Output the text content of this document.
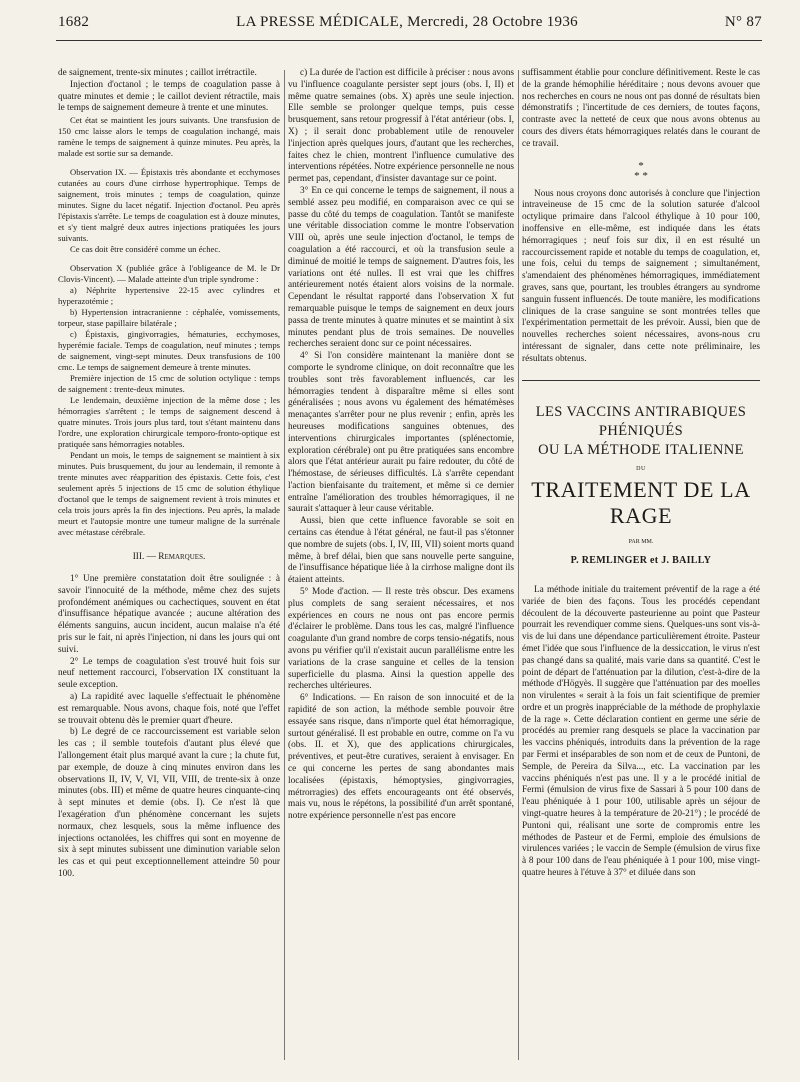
1682	LA PRESSE MÉDICALE, Mercredi, 28 Octobre 1936	N° 87

de saignement, trente-six minutes ; caillot irrétractile.

Injection d'octanol ; le temps de coagulation passe à quatre minutes et demie ; le caillot devient rétractile, mais le temps de saignement demeure à trente et une minutes.

Cet état se maintient les jours suivants. Une transfusion de 150 cmc laisse alors le temps de coagulation inchangé, mais ramène le temps de saignement à quinze minutes. Peu après, la malade est sortie sur sa demande.

Observation IX. — Épistaxis très abondante et ecchymoses cutanées au cours d'une cirrhose hypertrophique. Temps de saignement, trois minutes ; temps de coagulation, quinze minutes. Signe du lacet négatif. Injection d'octanol. Peu après l'épistaxis s'arrête. Le temps de coagulation est à douze minutes, et s'y tient malgré deux autres injections pratiquées les jours suivants.

Ce cas doit être considéré comme un échec.

Observation X (publiée grâce à l'obligeance de M. le Dr Clovis-Vincent). — Malade atteinte d'un triple syndrome :

a) Néphrite hypertensive 22-15 avec cylindres et hyperazotémie ;

b) Hypertension intracranienne : céphalée, vomissements, torpeur, stase papillaire bilatérale ;

c) Épistaxis, gingivorragies, hématuries, ecchymoses, hyperémie faciale. Temps de coagulation, neuf minutes ; temps de saignement, vingt-sept minutes. Deux transfusions de 100 cmc. Le temps de saignement demeure à trente minutes.

Première injection de 15 cmc de solution octylique : temps de saignement : trente-deux minutes.

Le lendemain, deuxième injection de la même dose ; les hémorragies s'arrêtent ; le temps de saignement descend à quatre minutes. Trois jours plus tard, tout s'étant maintenu dans l'ordre, une exploration chirurgicale temporo-fronto-optique est pratiquée sans hémorragies notables.

Pendant un mois, le temps de saignement se maintient à six minutes. Puis brusquement, du jour au lendemain, il remonte à trente minutes avec réapparition des épistaxis. Cette fois, c'est seulement après 5 injections de 15 cmc de solution éthylique d'octanol que le temps de saignement revient à trois minutes et cela trois jours après la fin des injections. Peu après, la malade meurt et l'autopsie montre une tumeur maligne de la surrénale avec métastase cérébrale.

III. — Remarques.

1° Une première constatation doit être soulignée : à savoir l'innocuité de la méthode, même chez des sujets profondément anémiques ou cachectiques, souvent en état d'insuffisance hépatique avancée ; aucune altération des éléments sanguins, aucun incident, aucun malaise n'a été pris sur le fait, ni après l'injection, ni dans les jours qui ont suivi.

2° Le temps de coagulation s'est trouvé huit fois sur neuf nettement raccourci, l'observation IX constituant la seule exception.

a) La rapidité avec laquelle s'effectuait le phénomène est remarquable. Nous avons, chaque fois, noté que l'effet se trouvait obtenu dès le premier quart d'heure.

b) Le degré de ce raccourcissement est variable selon les cas ; il semble toutefois d'autant plus élevé que l'allongement était plus marqué avant la cure ; la chute fut, par exemple, de douze à cinq minutes environ dans les observations II, IV, V, VI, VII, VIII, de trente-six à onze minutes (obs. III) et même de quatre heures cinquante-cinq à sept minutes et demie (obs. I). Ce n'est là que l'exagération d'un phénomène concernant les sujets normaux, chez lesquels, sous la même influence des injections octanolées, les chiffres qui sont en moyenne de six à sept minutes subissent une diminution variable selon les cas et qui peut exceptionnellement atteindre 50 pour 100.

c) La durée de l'action est difficile à préciser : nous avons vu l'influence coagulante persister sept jours (obs. I, II) et même quatre semaines (obs. X) après une seule injection. Elle semble se prolonger quelque temps, puis cesse brusquement, sans retour progressif à l'état antérieur (obs. I, X) ; il serait donc probablement utile de renouveler l'injection après quelques jours, d'autant que les recherches, faites chez le chien, montrent l'influence cumulative des interventions répétées. Notre expérience personnelle ne nous permet pas, cependant, d'insister davantage sur ce point.

3° En ce qui concerne le temps de saignement, il nous a semblé assez peu modifié, en comparaison avec ce qui se passe du côté du temps de coagulation. Tantôt se manifeste une véritable dissociation comme le montre l'observation VIII où, après une seule injection d'octanol, le temps de coagulation a été raccourci, et où la transfusion seule a diminué de moitié le temps de saignement. D'autres fois, les variations ont été nulles. Il est vrai que les chiffres antérieurement notés étaient alors voisins de la normale. Cependant le résultat rapporté dans l'observation X fut remarquable puisque le temps de saignement en deux jours passa de trente minutes à quatre minutes et se maintint à six minutes pendant plus de trois semaines. De nouvelles recherches seraient donc sur ce point nécessaires.

4° Si l'on considère maintenant la manière dont se comporte le syndrome clinique, on doit reconnaître que les troubles sont très favorablement influencés, car les hémorragies tendent à disparaître même si elles sont généralisées ; nous avons vu également des hématémèses menaçantes s'arrêter pour ne plus revenir ; enfin, après les heureuses modifications sanguines obtenues, des interventions chirurgicales importantes (splénectomie, exploration cérébrale) ont pu être pratiquées sans encombre alors que l'état antérieur aurait pu faire redouter, du côté de l'hémostase, de sérieuses difficultés. Là s'arrête cependant l'action bienfaisante du traitement, et même si ce dernier entraîne l'amélioration des troubles hémorragiques, il ne saurait s'attaquer à leur cause véritable.

Aussi, bien que cette influence favorable se soit en certains cas étendue à l'état général, ne faut-il pas s'étonner que nombre de sujets (obs. I, IV, III, VII) soient morts quand même, à bref délai, bien que sans nouvelle perte sanguine, de l'insuffisance hépatique liée à la cirrhose maligne dont ils étaient atteints.

5° Mode d'action. — Il reste très obscur. Des examens plus complets de sang seraient nécessaires, et nos expériences en cours ne nous ont pas encore permis d'éclairer le problème. Dans tous les cas, malgré l'influence coagulante d'un grand nombre de corps tensio-négatifs, nous avons pu vérifier qu'il n'existait aucun parallélisme entre les variations de la crase sanguine et celles de la tension superficielle du plasma. Ainsi la question appelle des recherches ultérieures.

6° Indications. — En raison de son innocuité et de la rapidité de son action, la méthode semble pouvoir être essayée sans risque, dans n'importe quel état hémorragique, surtout généralisé. Il est probable en outre, comme on l'a vu (obs. II. et X), que des applications chirurgicales, préventives, et peut-être curatives, seraient à envisager. En ce qui concerne les pertes de sang abondantes mais localisées (épistaxis, hémoptysies, gingivorragies, métrorragies) des effets encourageants ont été observés, mais vu, nous le répétons, la possibilité d'un arrêt spontané, notre expérience personnelle n'est pas encore

suffisamment établie pour conclure définitivement. Reste le cas de la grande hémophilie héréditaire ; nous devons avouer que nos recherches en cours ne nous ont pas donné de résultats bien démonstratifs ; l'incertitude de ces derniers, de toutes façons, contraste avec la netteté de ceux que nous avons obtenus au cours des divers états hémorragiques relatés dans le courant de ce travail.

*
* *

Nous nous croyons donc autorisés à conclure que l'injection intraveineuse de 15 cmc de la solution saturée d'alcool octylique primaire dans l'alcool éthylique à 10 pour 100, inoffensive en elle-même, est indiquée dans les états hémorragiques ; neuf fois sur dix, il en est résulté un raccourcissement rapide et notable du temps de coagulation, et, une fois, celui du temps de saignement ; simultanément, s'amendaient des phénomènes hémorragiques, immédiatement graves, sans que, pourtant, les troubles étrangers au syndrome sanguin fussent influencés. De toute manière, les modifications cliniques de la crase sanguine se sont montrées telles que l'expérimentation permettait de les prévoir. Aussi, bien que de nouvelles recherches soient nécessaires, avons-nous cru intéressant de signaler, dans cette note préliminaire, les résultats obtenus.

LES VACCINS ANTIRABIQUES
PHÉNIQUÉS
OU LA MÉTHODE ITALIENNE
DU
TRAITEMENT DE LA RAGE
PAR MM.
P. REMLINGER et J. BAILLY

La méthode initiale du traitement préventif de la rage a été variée de bien des façons. Tous les procédés cependant découlent de la découverte pasteurienne au point que Pasteur pourrait les revendiquer comme siens. Quelques-uns sont vis-à-vis de lui dans une dépendance particulièrement étroite. Pasteur émet l'idée que sous l'influence de la dessiccation, le virus n'est pas changé dans sa qualité, mais varie dans sa quantité. C'est le point de départ de l'atténuation par la dilution, c'est-à-dire de la méthode d'Högyès. Il suggère que l'atténuation par des moelles non virulentes « serait à la fois un fait scientifique de premier ordre et un progrès inappréciable de la méthode de prophylaxie de la rage ». Cette déclaration contient en germe une série de procédés au premier rang desquels se place la vaccination par les vaccins phéniqués, introduits dans la prévention de la rage par Fermi et inséparables de son nom et de ceux de Puntoni, de Semple, de Pereira da Silva..., etc. La vaccination par les vaccins phéniqués n'est pas une. Il y a le procédé initial de Fermi (émulsion de virus fixe de Sassari à 5 pour 100 dans de l'eau phéniquée à 1 pour 100, utilisable après un séjour de vingt-quatre heures à la température de 20-21°) ; le procédé de Puntoni qui, réalisant une sorte de compromis entre les méthodes de Pasteur et de Fermi, emploie des émulsions de virulences variées ; le vaccin de Semple (émulsion de virus fixe à 8 pour 100 dans de l'eau phéniquée à 1 pour 100, mise vingt-quatre heures à l'étuve à 37° et diluée dans son
